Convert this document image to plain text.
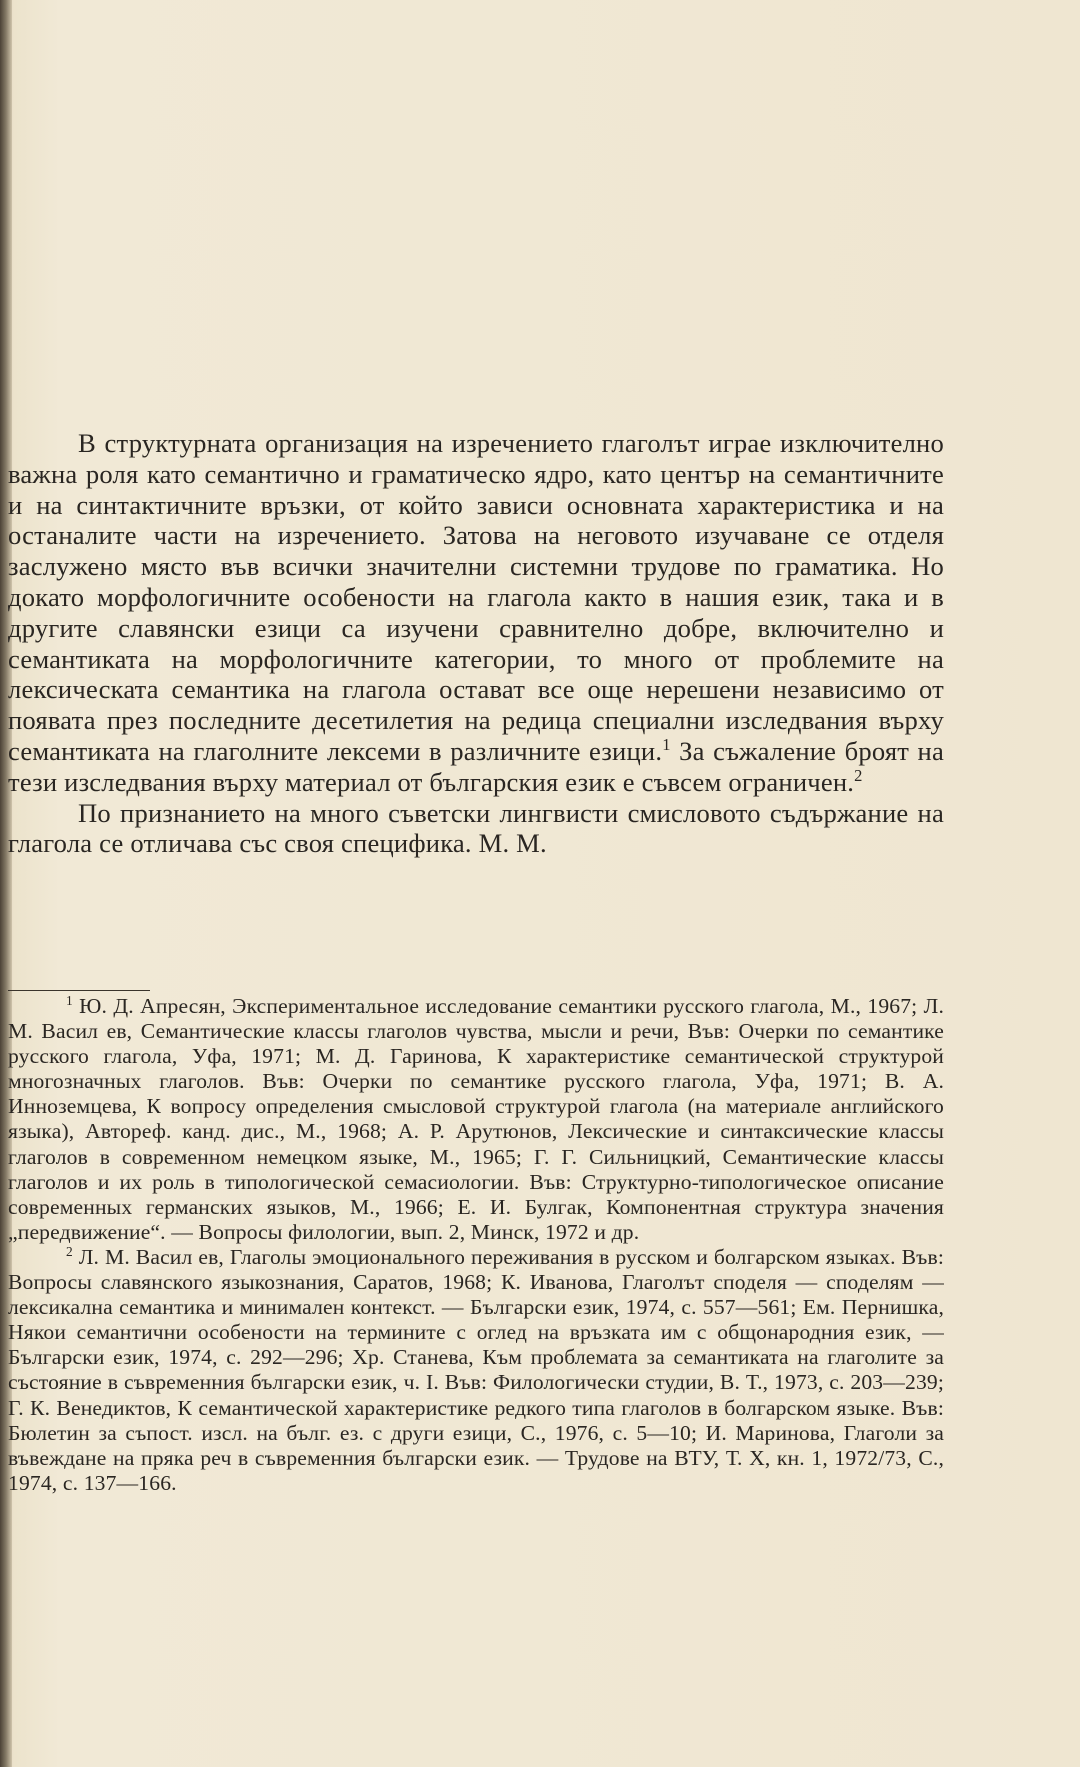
В структурната организация на изречението глаголът играе изключително важна роля като семантично и граматическо ядро, като център на семантичните и на синтактичните връзки, от който зависи основната характеристика и на останалите части на изречението. Затова на неговото изучаване се отделя заслужено място във всички значителни системни трудове по граматика. Но докато морфологичните особености на глагола както в нашия език, така и в другите славянски езици са изучени сравнително добре, включително и семантиката на морфологичните категории, то много от проблемите на лексическата семантика на глагола остават все още нерешени независимо от появата през последните десетилетия на редица специални изследвания върху семантиката на глаголните лексеми в различните езици.$^1$ За съжаление броят на тези изследвания върху материал от българския език е съвсем ограничен.$^2$

По признанието на много съветски лингвисти смисловото съдържание на глагола се отличава със своя специфика. М. М.

$^1$ Ю. Д. Апресян, Экспериментальное исследование семантики русского глагола, М., 1967; Л. М. Васил ев, Семантические классы глаголов чувства, мысли и речи, Във: Очерки по семантике русского глагола, Уфа, 1971; М. Д. Гаринова, К характеристике семантической структурой многозначных глаголов. Във: Очерки по семантике русского глагола, Уфа, 1971; В. А. Инноземцева, К вопросу определения смысловой структурой глагола (на материале английского языка), Автореф. канд. дис., М., 1968; А. Р. Арутюнов, Лексические и синтаксические классы глаголов в современном немецком языке, М., 1965; Г. Г. Сильницкий, Семантические классы глаголов и их роль в типологической семасиологии. Във: Структурно-типологическое описание современных германских языков, М., 1966; Е. И. Булгак, Компонентная структура значения „передвижение“. — Вопросы филологии, вып. 2, Минск, 1972 и др.

$^2$ Л. М. Васил ев, Глаголы эмоционального переживания в русском и болгарском языках. Във: Вопросы славянского языкознания, Саратов, 1968; К. Иванова, Глаголът споделя — споделям — лексикална семантика и минимален контекст. — Български език, 1974, с. 557—561; Ем. Пернишка, Някои семантични особености на термините с оглед на връзката им с общонародния език, — Български език, 1974, с. 292—296; Хр. Станева, Към проблемата за семантиката на глаголите за състояние в съвременния български език, ч. I. Във: Филологически студии, В. Т., 1973, с. 203—239; Г. К. Венедиктов, К семантической характеристике редкого типа глаголов в болгарском языке. Във: Бюлетин за съпост. изсл. на бълг. ез. с други езици, С., 1976, с. 5—10; И. Маринова, Глаголи за въвеждане на пряка реч в съвременния български език. — Трудове на ВТУ, Т. X, кн. 1, 1972/73, С., 1974, с. 137—166.
